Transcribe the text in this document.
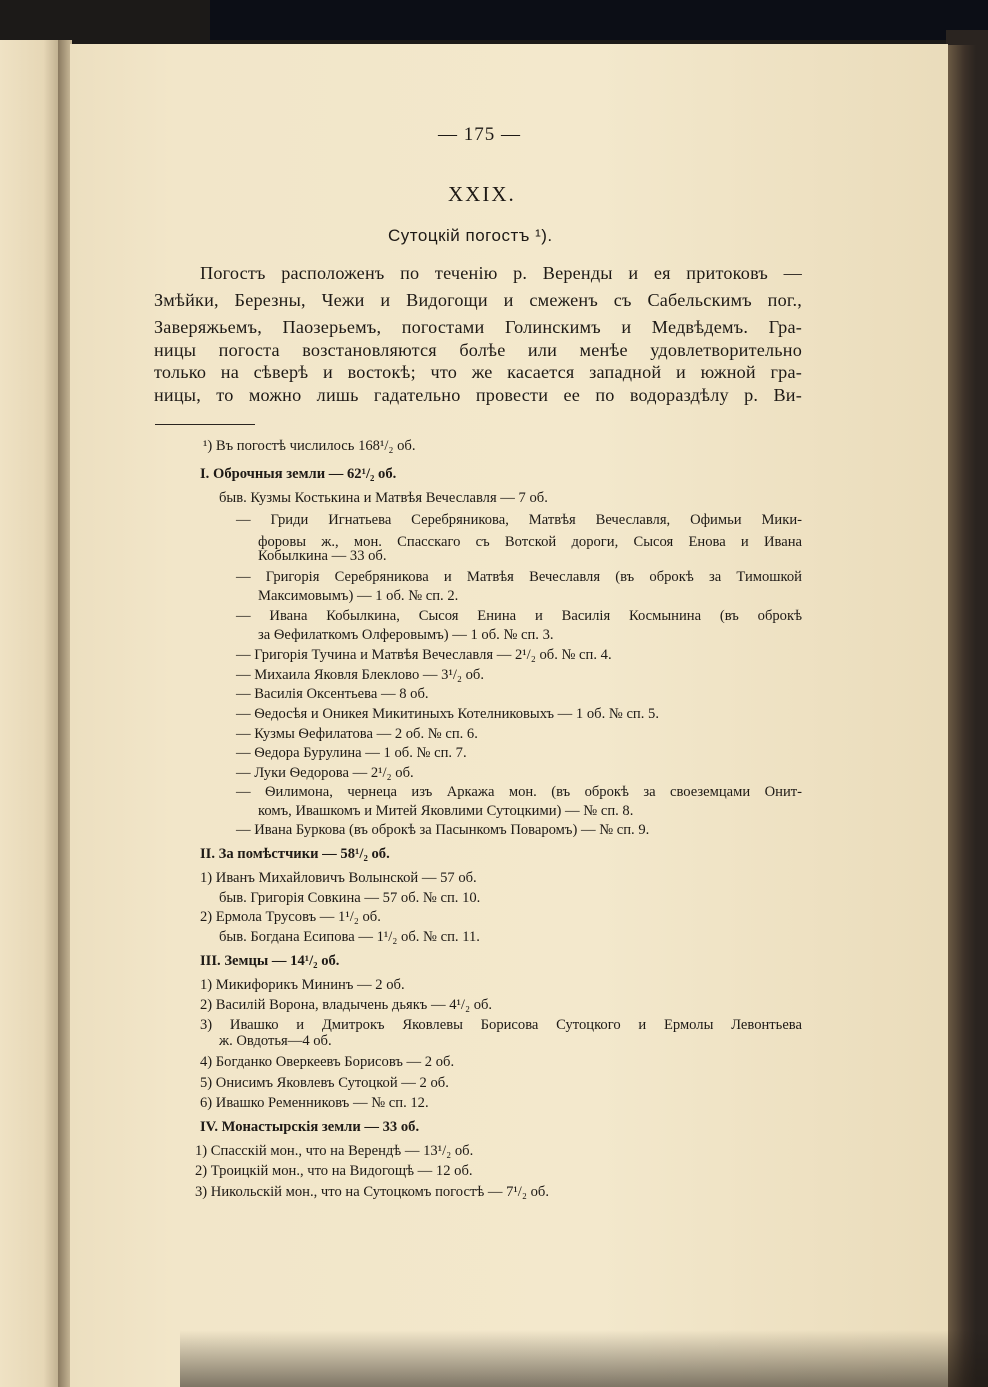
— 175 —
XXIX.
Сутоцкій погостъ ¹).
Погостъ расположенъ по теченію р. Веренды и ея притоковъ —
Змѣйки, Березны, Чежи и Видогощи и смеженъ съ Сабельскимъ пог.,
Заверяжьемъ, Паозерьемъ, погостами Голинскимъ и Медвѣдемъ. Гра-
ницы погоста возстановляются болѣе или менѣе удовлетворительно
только на сѣверѣ и востокѣ; что же касается западной и южной гра-
ницы, то можно лишь гадательно провести ее по водораздѣлу р. Ви-
¹) Въ погостѣ числилось 168¹/₂ об.
I. Оброчныя земли — 62¹/₂ об.
быв. Кузмы Костькина и Матвѣя Вечеславля — 7 об.
— Гриди Игнатьева Серебряникова, Матвѣя Вечеславля, Офимьи Мики-
форовы ж., мон. Спасскаго съ Вотской дороги, Сысоя Енова и Ивана
Кобылкина — 33 об.
— Григорія Серебряникова и Матвѣя Вечеславля (въ оброкѣ за Тимошкой
Максимовымъ) — 1 об. № сп. 2.
— Ивана Кобылкина, Сысоя Енина и Василія Космынина (въ оброкѣ
за Ѳефилаткомъ Олферовымъ) — 1 об. № сп. 3.
— Григорія Тучина и Матвѣя Вечеславля — 2¹/₂ об. № сп. 4.
— Михаила Яковля Блеклово — 3¹/₂ об.
— Василія Оксентьева — 8 об.
— Ѳедосѣя и Оникея Микитиныхъ Котелниковыхъ — 1 об. № сп. 5.
— Кузмы Ѳефилатова — 2 об. № сп. 6.
— Ѳедора Бурулина — 1 об. № сп. 7.
— Луки Ѳедорова — 2¹/₂ об.
— Ѳилимона, чернеца изъ Аркажа мон. (въ оброкѣ за своеземцами Онит-
комъ, Ивашкомъ и Митей Яковлими Сутоцкими) — № сп. 8.
— Ивана Буркова (въ оброкѣ за Пасынкомъ Поваромъ) — № сп. 9.
II. За помѣстчики — 58¹/₂ об.
1) Иванъ Михайловичъ Волынской — 57 об.
быв. Григорія Совкина — 57 об. № сп. 10.
2) Ермола Трусовъ — 1¹/₂ об.
быв. Богдана Есипова — 1¹/₂ об. № сп. 11.
III. Земцы — 14¹/₂ об.
1) Микифорикъ Мининъ — 2 об.
2) Василій Ворона, владычень дьякъ — 4¹/₂ об.
3) Ивашко и Дмитрокъ Яковлевы Борисова Сутоцкого и Ермолы Левонтьева
ж. Овдотья—4 об.
4) Богданко Оверкеевъ Борисовъ — 2 об.
5) Онисимъ Яковлевъ Сутоцкой — 2 об.
6) Ивашко Ременниковъ — № сп. 12.
IV. Монастырскія земли — 33 об.
1) Спасскій мон., что на Верендѣ — 13¹/₂ об.
2) Троицкій мон., что на Видогощѣ — 12 об.
3) Никольскій мон., что на Сутоцкомъ погостѣ — 7¹/₂ об.
